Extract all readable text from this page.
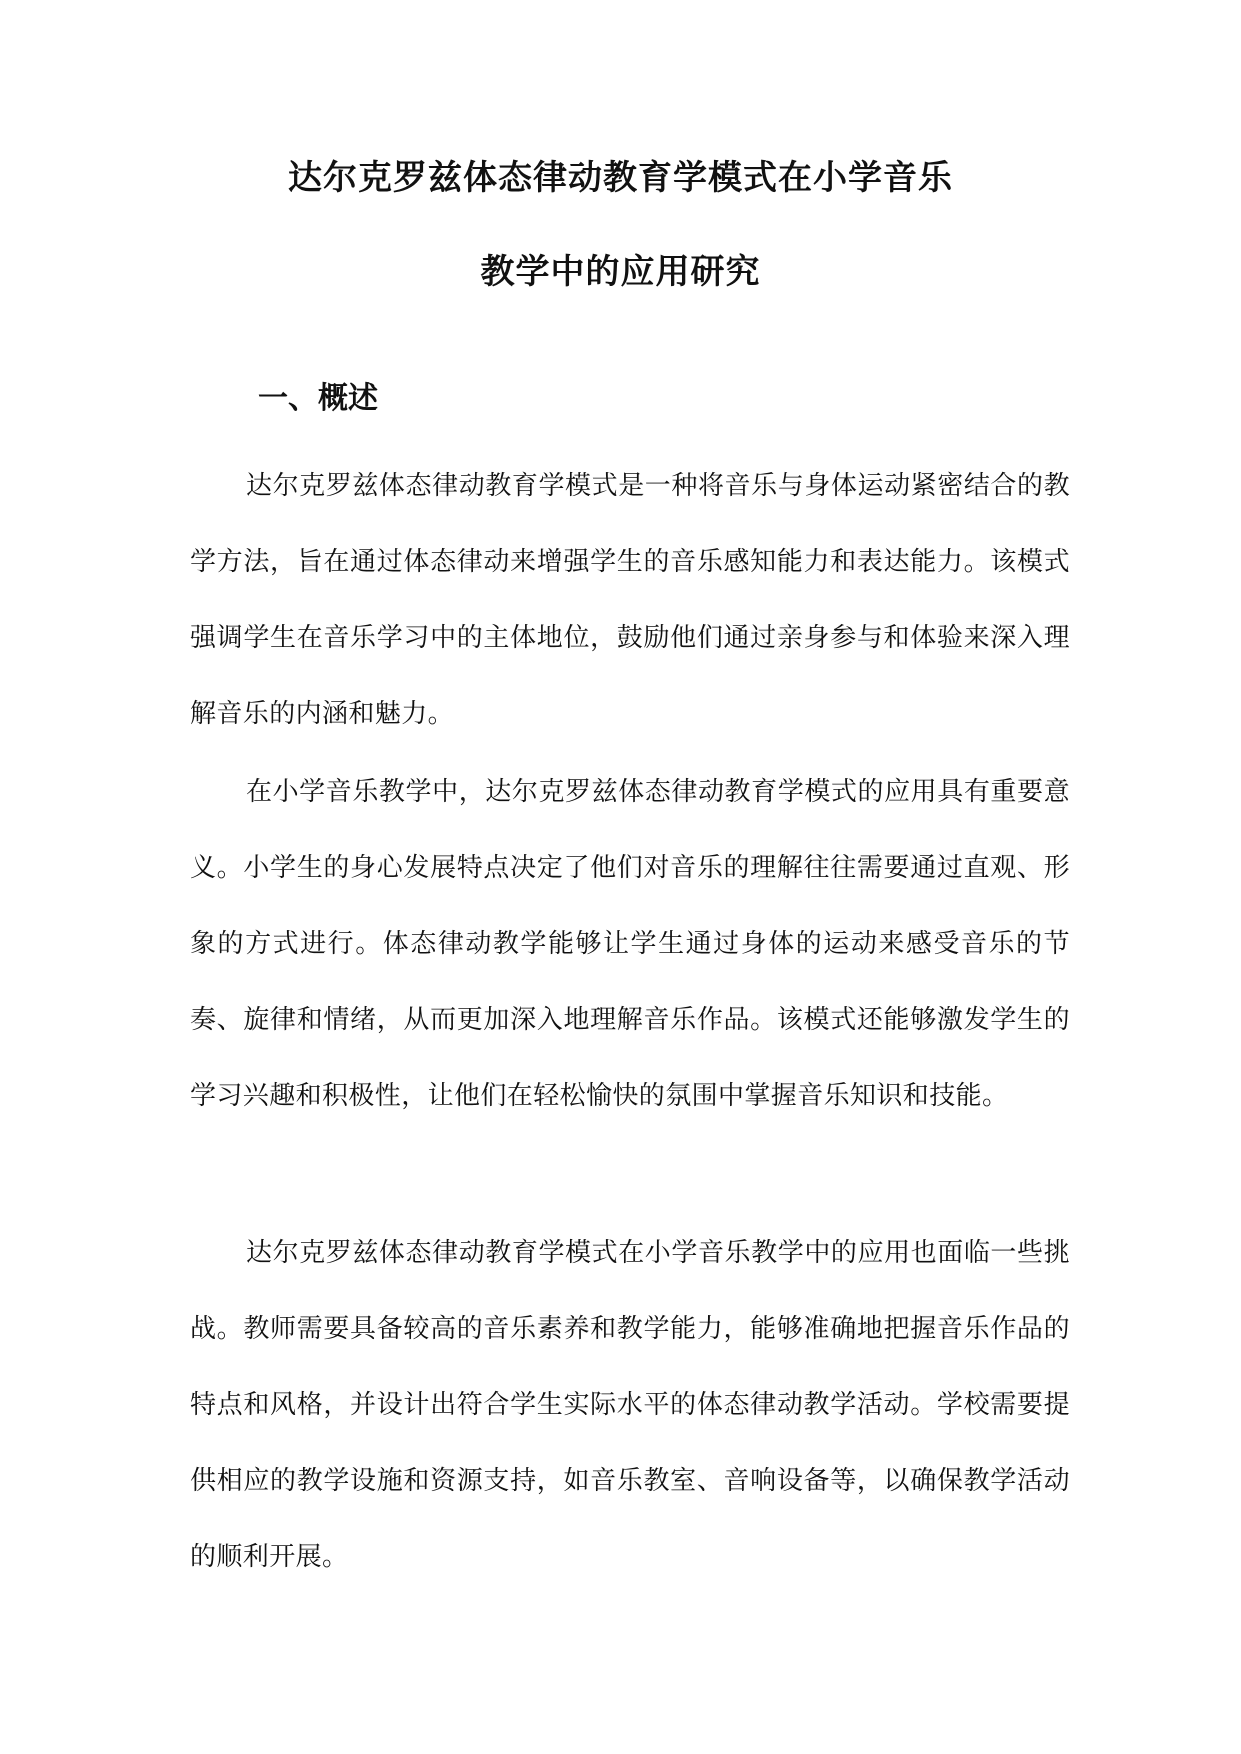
达尔克罗兹体态律动教育学模式在小学音乐
教学中的应用研究
一、概述

达尔克罗兹体态律动教育学模式是一种将音乐与身体运动紧密结合的教学方法，旨在通过体态律动来增强学生的音乐感知能力和表达能力。该模式强调学生在音乐学习中的主体地位，鼓励他们通过亲身参与和体验来深入理解音乐的内涵和魅力。

在小学音乐教学中，达尔克罗兹体态律动教育学模式的应用具有重要意义。小学生的身心发展特点决定了他们对音乐的理解往往需要通过直观、形象的方式进行。体态律动教学能够让学生通过身体的运动来感受音乐的节奏、旋律和情绪，从而更加深入地理解音乐作品。该模式还能够激发学生的学习兴趣和积极性，让他们在轻松愉快的氛围中掌握音乐知识和技能。

达尔克罗兹体态律动教育学模式在小学音乐教学中的应用也面临一些挑战。教师需要具备较高的音乐素养和教学能力，能够准确地把握音乐作品的特点和风格，并设计出符合学生实际水平的体态律动教学活动。学校需要提供相应的教学设施和资源支持，如音乐教室、音响设备等，以确保教学活动的顺利开展。
